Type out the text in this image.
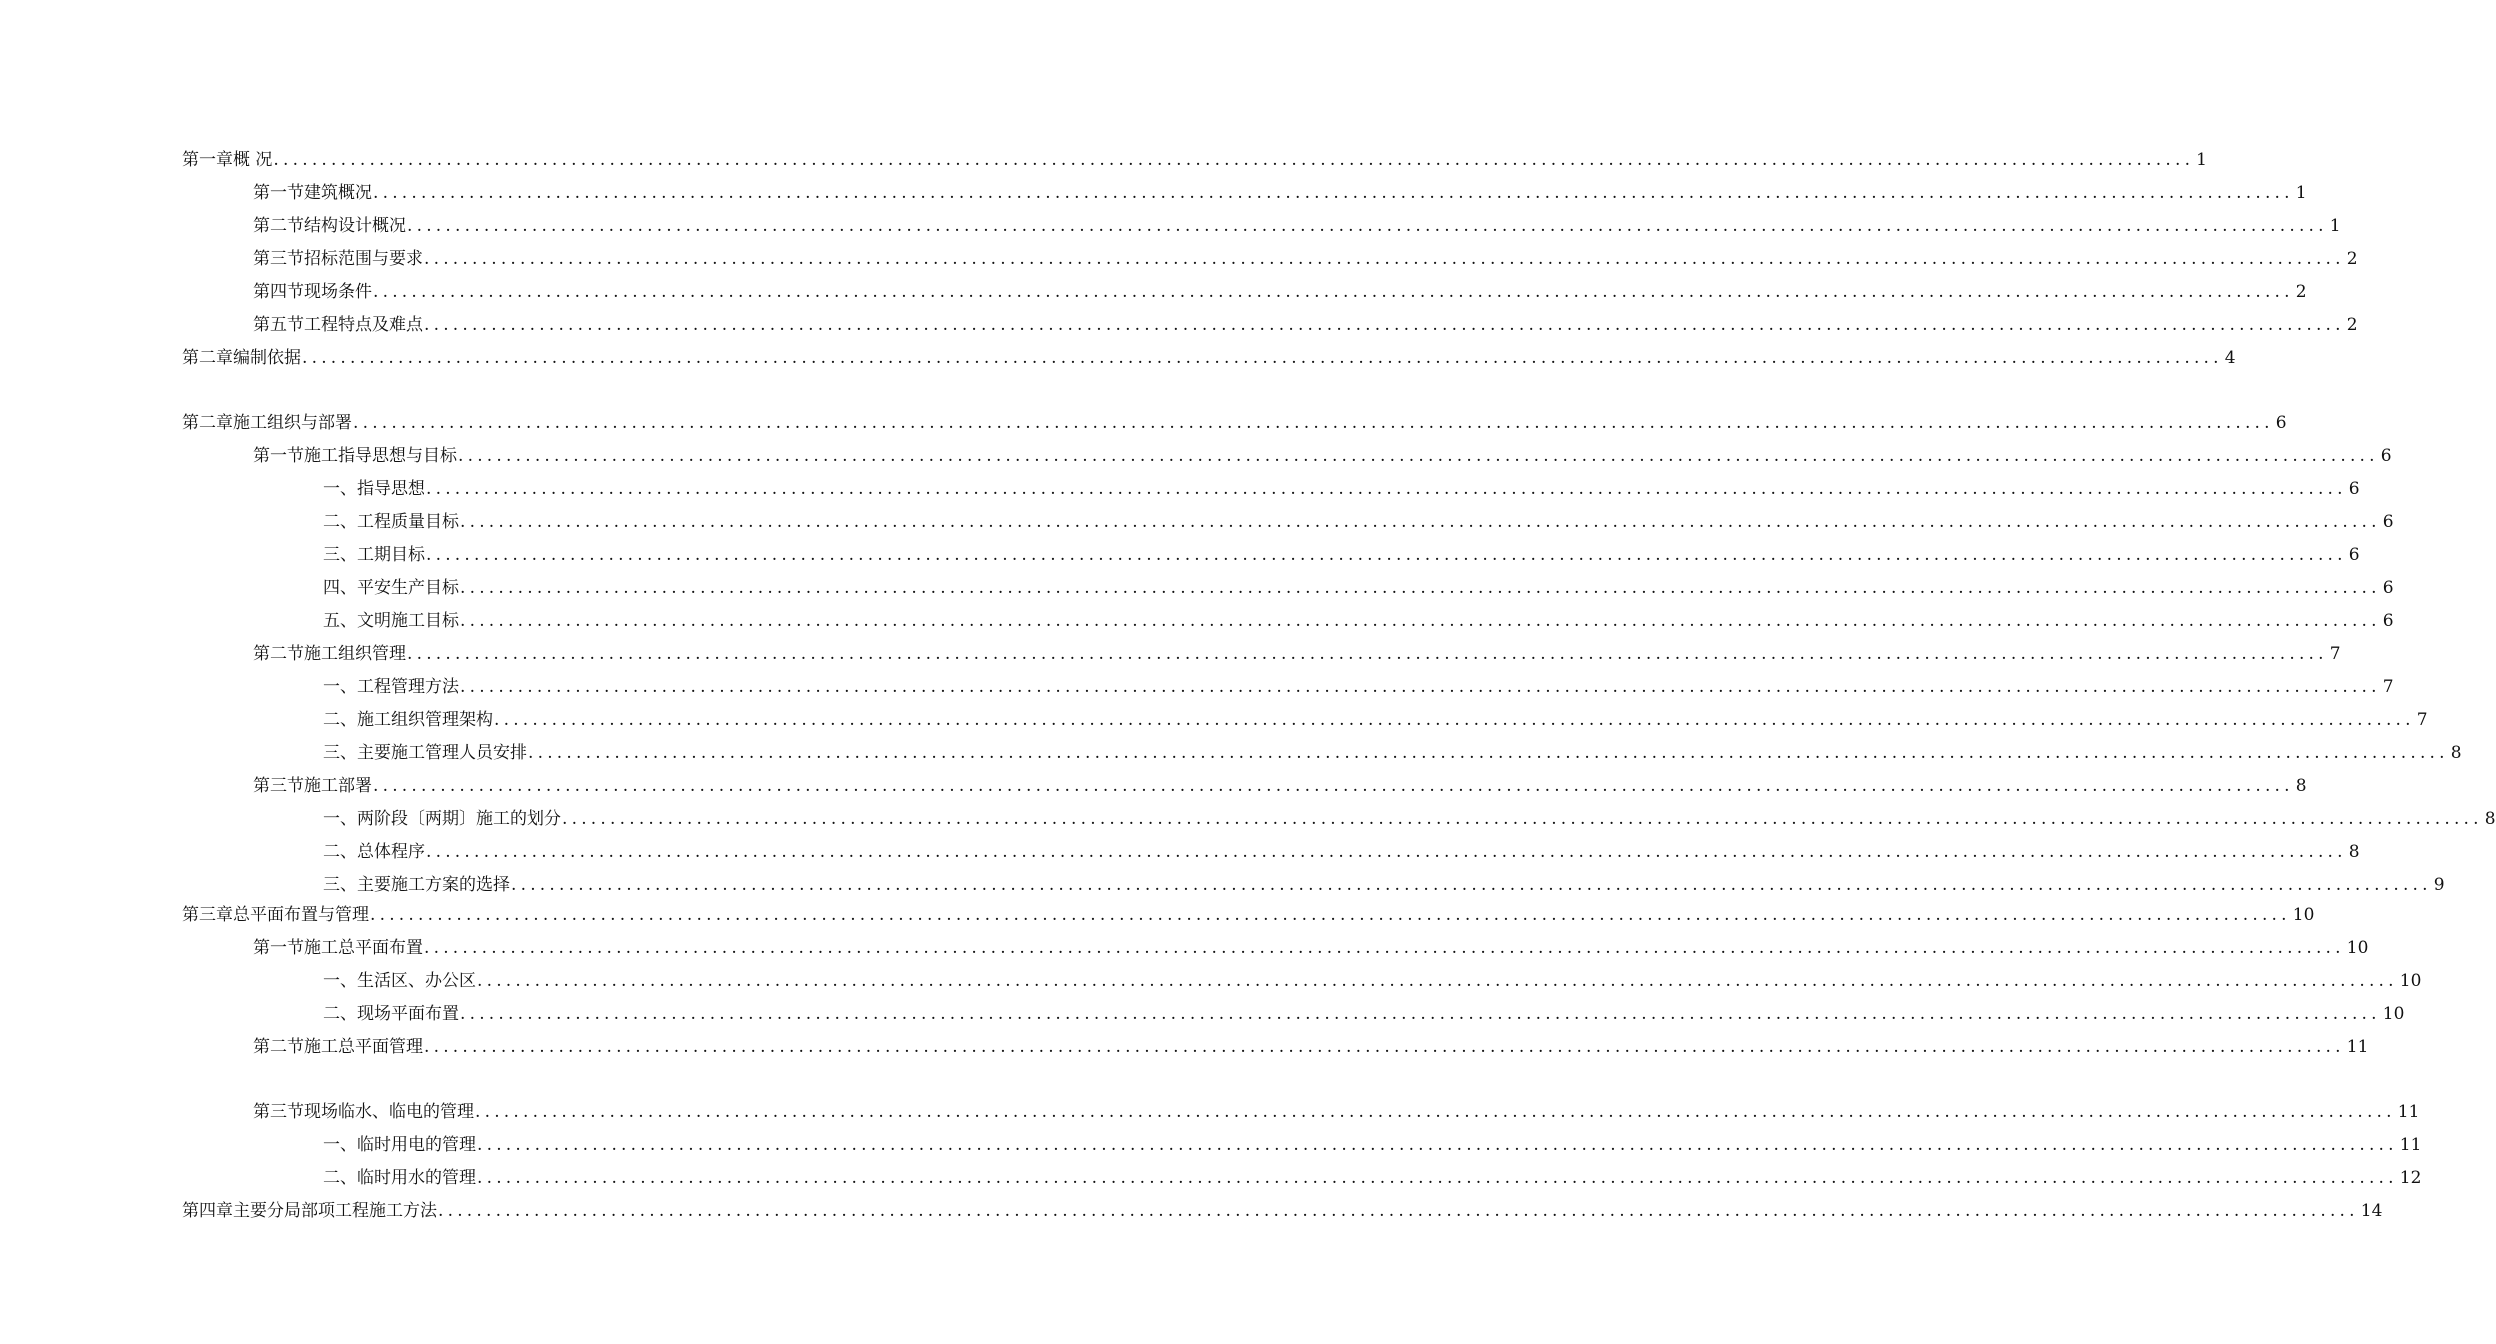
第一章 概 况 ........................................................................................................................................................................................................ 1
第一节 建筑概况 ........................................................................................................................................................................................................ 1
第二节 结构设计概况 ........................................................................................................................................................................................................ 1
第三节 招标范围与要求 ........................................................................................................................................................................................................ 2
第四节 现场条件 ........................................................................................................................................................................................................ 2
第五节 工程特点及难点 ........................................................................................................................................................................................................ 2
第二章 编制依据 ........................................................................................................................................................................................................ 4
第二章 施工组织与部署 ........................................................................................................................................................................................................ 6
第一节 施工指导思想与目标 ........................................................................................................................................................................................................ 6
一、指导思想 ........................................................................................................................................................................................................ 6
二、工程质量目标 ........................................................................................................................................................................................................ 6
三、工期目标 ........................................................................................................................................................................................................ 6
四、平安生产目标 ........................................................................................................................................................................................................ 6
五、文明施工目标 ........................................................................................................................................................................................................ 6
第二节 施工组织管理 ........................................................................................................................................................................................................ 7
一、工程管理方法 ........................................................................................................................................................................................................ 7
二、施工组织管理架构 ........................................................................................................................................................................................................ 7
三、主要施工管理人员安排 ........................................................................................................................................................................................................ 8
第三节 施工部署 ........................................................................................................................................................................................................ 8
一、两阶段〔两期〕施工的划分 ........................................................................................................................................................................................................ 8
二、总体程序 ........................................................................................................................................................................................................ 8
三、主要施工方案的选择 ........................................................................................................................................................................................................ 9
第三章 总平面布置与管理 ........................................................................................................................................................................................................ 10
第一节 施工总平面布置 ........................................................................................................................................................................................................ 10
一、生活区、办公区 ........................................................................................................................................................................................................ 10
二、现场平面布置 ........................................................................................................................................................................................................ 10
第二节 施工总平面管理 ........................................................................................................................................................................................................ 11
第三节 现场临水、临电的管理 ........................................................................................................................................................................................................ 11
一、临时用电的管理 ........................................................................................................................................................................................................ 11
二、临时用水的管理 ........................................................................................................................................................................................................ 12
第四章 主要分局部项工程施工方法 ........................................................................................................................................................................................................ 14
